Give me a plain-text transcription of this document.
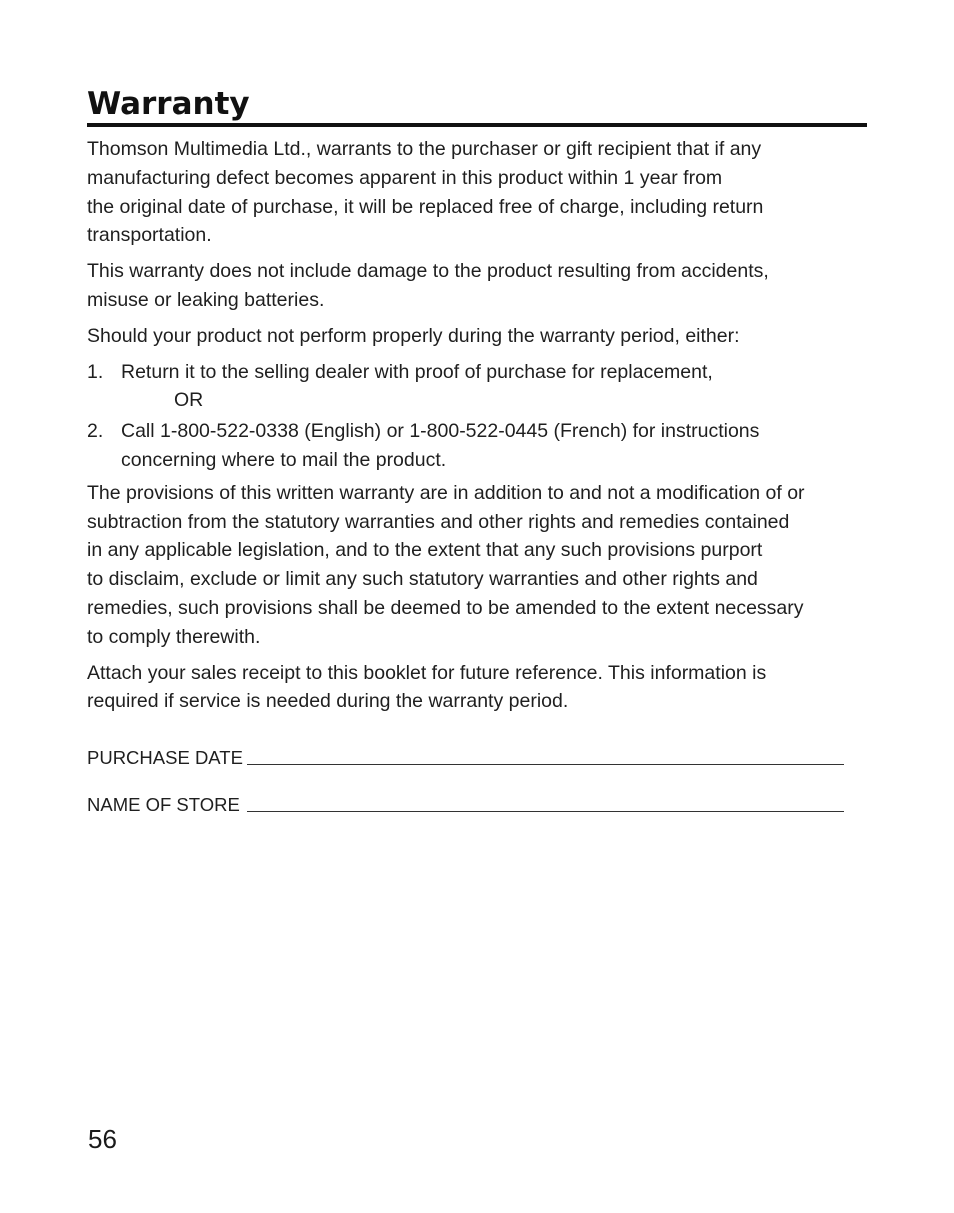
Warranty

Thomson Multimedia Ltd., warrants to the purchaser or gift recipient that if any
manufacturing defect becomes apparent in this product within 1 year from
the original date of purchase, it will be replaced free of charge, including return
transportation.

This warranty does not include damage to the product resulting from accidents,
misuse or leaking batteries.

Should your product not perform properly during the warranty period, either:

1. Return it to the selling dealer with proof of purchase for replacement,
OR
2. Call 1-800-522-0338 (English) or 1-800-522-0445 (French) for instructions
concerning where to mail the product.

The provisions of this written warranty are in addition to and not a modification of or
subtraction from the statutory warranties and other rights and remedies contained
in any applicable legislation, and to the extent that any such provisions purport
to disclaim, exclude or limit any such statutory warranties and other rights and
remedies, such provisions shall be deemed to be amended to the extent necessary
to comply therewith.

Attach your sales receipt to this booklet for future reference. This information is
required if service is needed during the warranty period.

PURCHASE DATE
NAME OF STORE
56
